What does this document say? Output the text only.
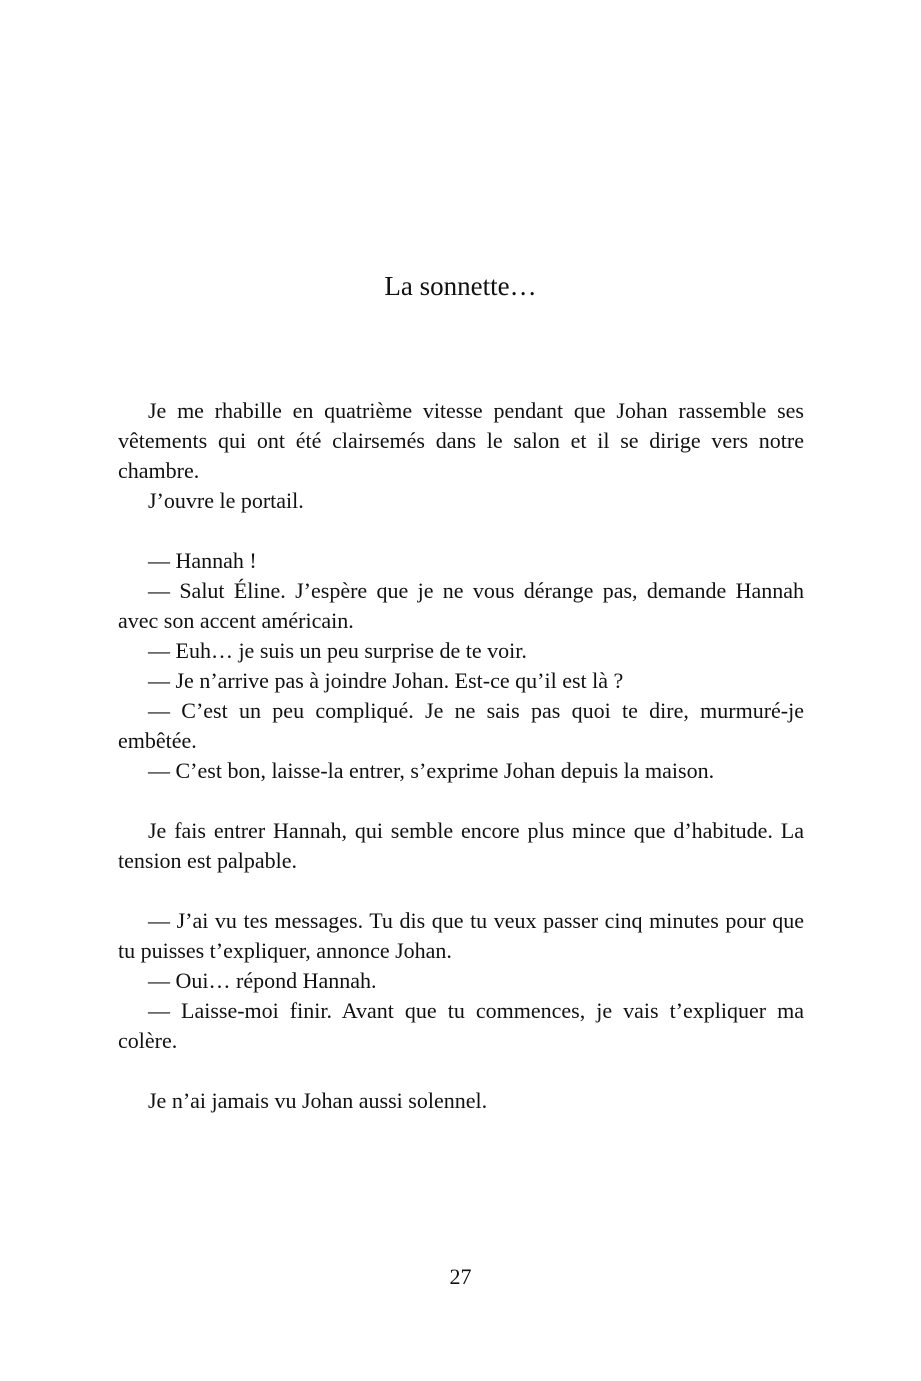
La sonnette…

Je me rhabille en quatrième vitesse pendant que Johan rassemble ses vêtements qui ont été clairsemés dans le salon et il se dirige vers notre chambre.

J’ouvre le portail.

— Hannah !

— Salut Éline. J’espère que je ne vous dérange pas, demande Hannah avec son accent américain.

— Euh… je suis un peu surprise de te voir.

— Je n’arrive pas à joindre Johan. Est-ce qu’il est là ?

— C’est un peu compliqué. Je ne sais pas quoi te dire, murmuré-je embêtée.

— C’est bon, laisse-la entrer, s’exprime Johan depuis la maison.

Je fais entrer Hannah, qui semble encore plus mince que d’habitude. La tension est palpable.

— J’ai vu tes messages. Tu dis que tu veux passer cinq minutes pour que tu puisses t’expliquer, annonce Johan.

— Oui… répond Hannah.

— Laisse-moi finir. Avant que tu commences, je vais t’expliquer ma colère.

Je n’ai jamais vu Johan aussi solennel.

27
